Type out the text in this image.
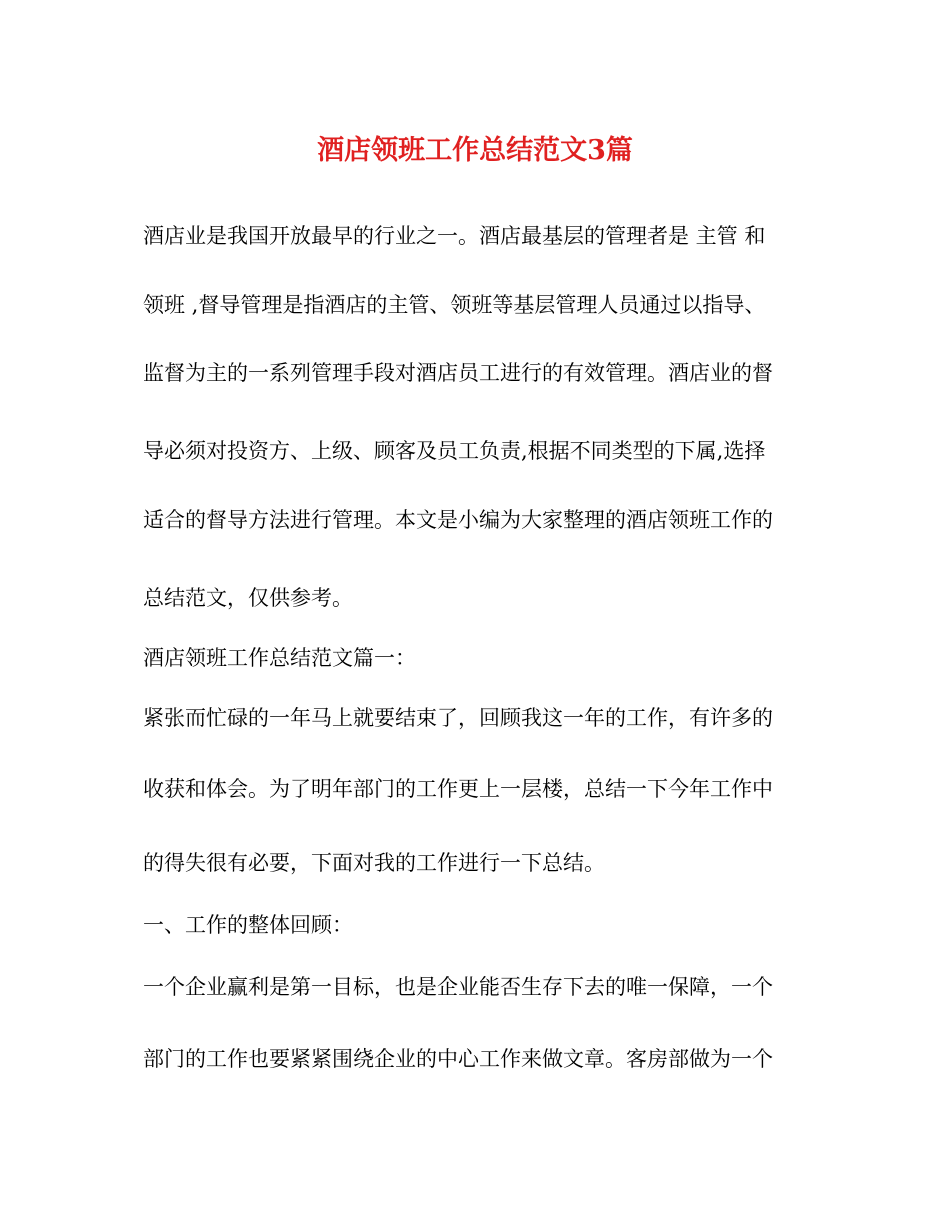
酒店领班工作总结范文3篇
酒店业是我国开放最早的行业之一。酒店最基层的管理者是 主管 和
领班 ,督导管理是指酒店的主管、领班等基层管理人员通过以指导、
监督为主的一系列管理手段对酒店员工进行的有效管理。酒店业的督
导必须对投资方、上级、顾客及员工负责,根据不同类型的下属,选择
适合的督导方法进行管理。本文是小编为大家整理的酒店领班工作的
总结范文，仅供参考。
酒店领班工作总结范文篇一：
紧张而忙碌的一年马上就要结束了，回顾我这一年的工作，有许多的
收获和体会。为了明年部门的工作更上一层楼，总结一下今年工作中
的得失很有必要，下面对我的工作进行一下总结。
一、工作的整体回顾：
一个企业赢利是第一目标，也是企业能否生存下去的唯一保障，一个
部门的工作也要紧紧围绕企业的中心工作来做文章。客房部做为一个
